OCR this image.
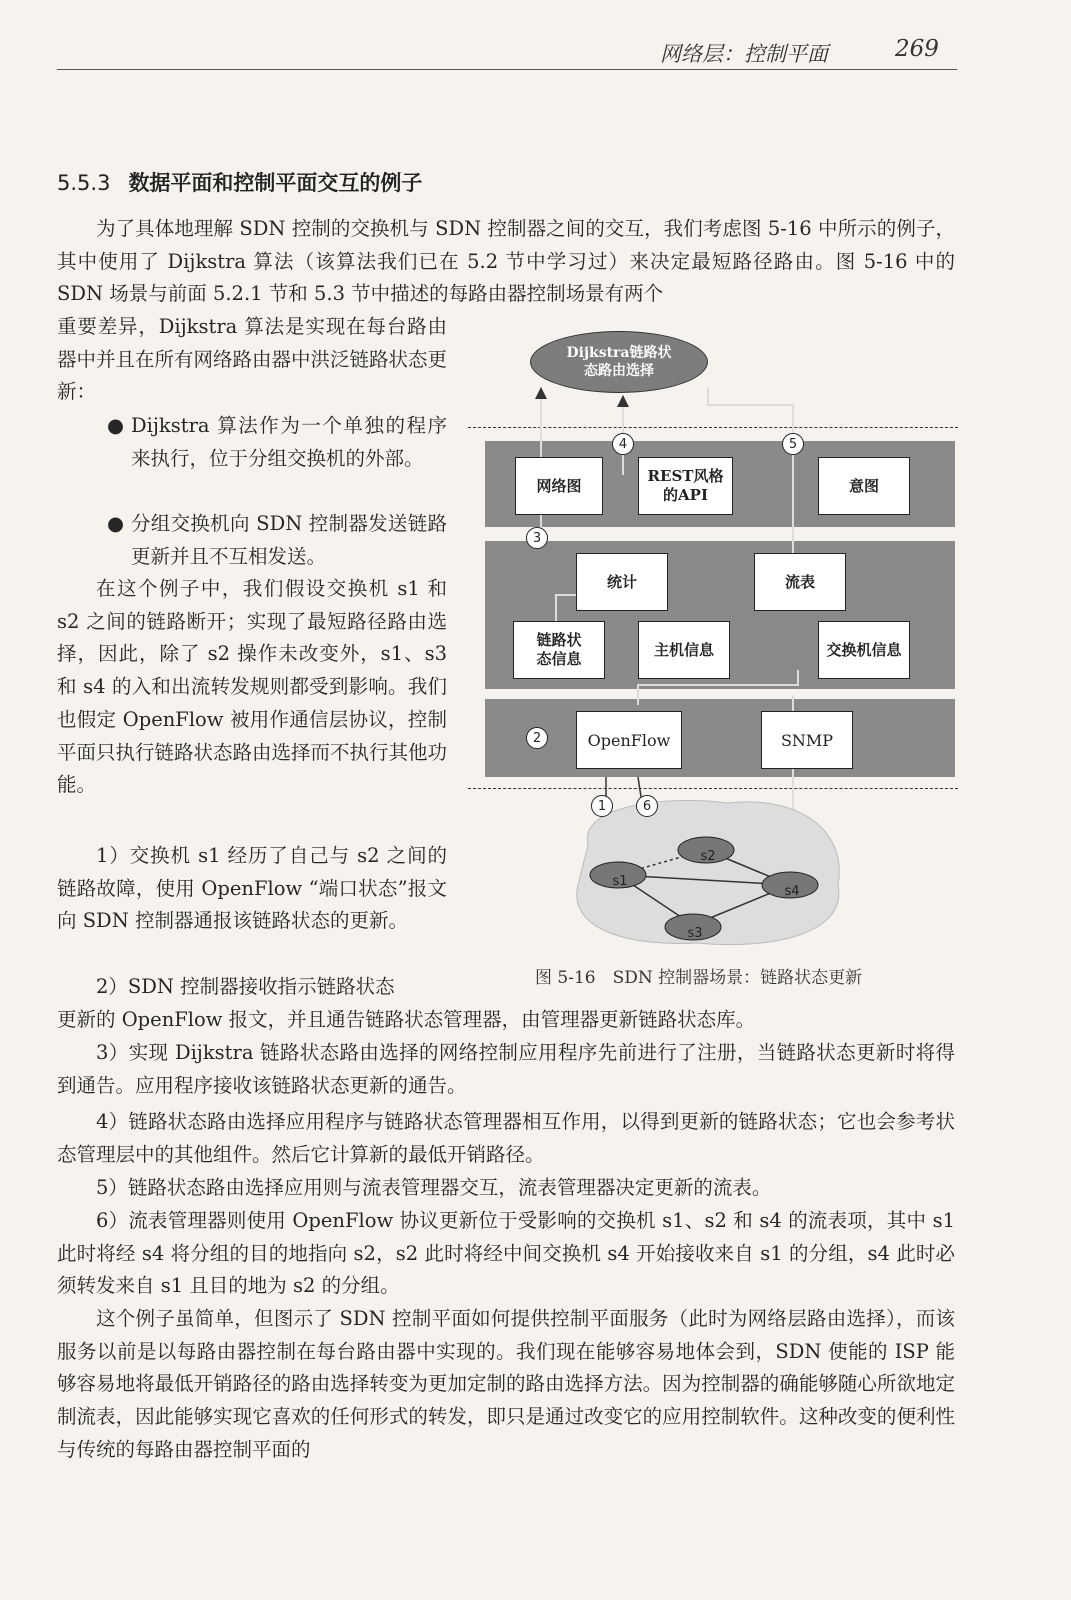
网络层：控制平面	269
5.5.3 数据平面和控制平面交互的例子

为了具体地理解 SDN 控制的交换机与 SDN 控制器之间的交互，我们考虑图 5-16 中所示的例子，其中使用了 Dijkstra 算法（该算法我们已在 5.2 节中学习过）来决定最短路径路由。图 5-16 中的 SDN 场景与前面 5.2.1 节和 5.3 节中描述的每路由器控制场景有两个

重要差异，Dijkstra 算法是实现在每台路由器中并且在所有网络路由器中洪泛链路状态更新：

● Dijkstra 算法作为一个单独的程序来执行，位于分组交换机的外部。
● 分组交换机向 SDN 控制器发送链路更新并且不互相发送。

在这个例子中，我们假设交换机 s1 和 s2 之间的链路断开；实现了最短路径路由选择，因此，除了 s2 操作未改变外，s1、s3 和 s4 的入和出流转发规则都受到影响。我们也假定 OpenFlow 被用作通信层协议，控制平面只执行链路状态路由选择而不执行其他功能。

1）交换机 s1 经历了自己与 s2 之间的链路故障，使用 OpenFlow “端口状态”报文向 SDN 控制器通报该链路状态的更新。

2）SDN 控制器接收指示链路状态

更新的 OpenFlow 报文，并且通告链路状态管理器，由管理器更新链路状态库。

3）实现 Dijkstra 链路状态路由选择的网络控制应用程序先前进行了注册，当链路状态更新时将得到通告。应用程序接收该链路状态更新的通告。

4）链路状态路由选择应用程序与链路状态管理器相互作用，以得到更新的链路状态；它也会参考状态管理层中的其他组件。然后它计算新的最低开销路径。

5）链路状态路由选择应用则与流表管理器交互，流表管理器决定更新的流表。

6）流表管理器则使用 OpenFlow 协议更新位于受影响的交换机 s1、s2 和 s4 的流表项，其中 s1 此时将经 s4 将分组的目的地指向 s2，s2 此时将经中间交换机 s4 开始接收来自 s1 的分组，s4 此时必须转发来自 s1 且目的地为 s2 的分组。

这个例子虽简单，但图示了 SDN 控制平面如何提供控制平面服务（此时为网络层路由选择），而该服务以前是以每路由器控制在每台路由器中实现的。我们现在能够容易地体会到，SDN 使能的 ISP 能够容易地将最低开销路径的路由选择转变为更加定制的路由选择方法。因为控制器的确能够随心所欲地定制流表，因此能够实现它喜欢的任何形式的转发，即只是通过改变它的应用控制软件。这种改变的便利性与传统的每路由器控制平面的

s1
s2
s3
s4
Dijkstra链路状态路由选择
网络图
REST风格的API
意图
统计	流表
链路状态信息
主机信息	交换机信息
OpenFlow	SNMP
1
2
3
4	5
6
图 5-16　SDN 控制器场景：链路状态更新
